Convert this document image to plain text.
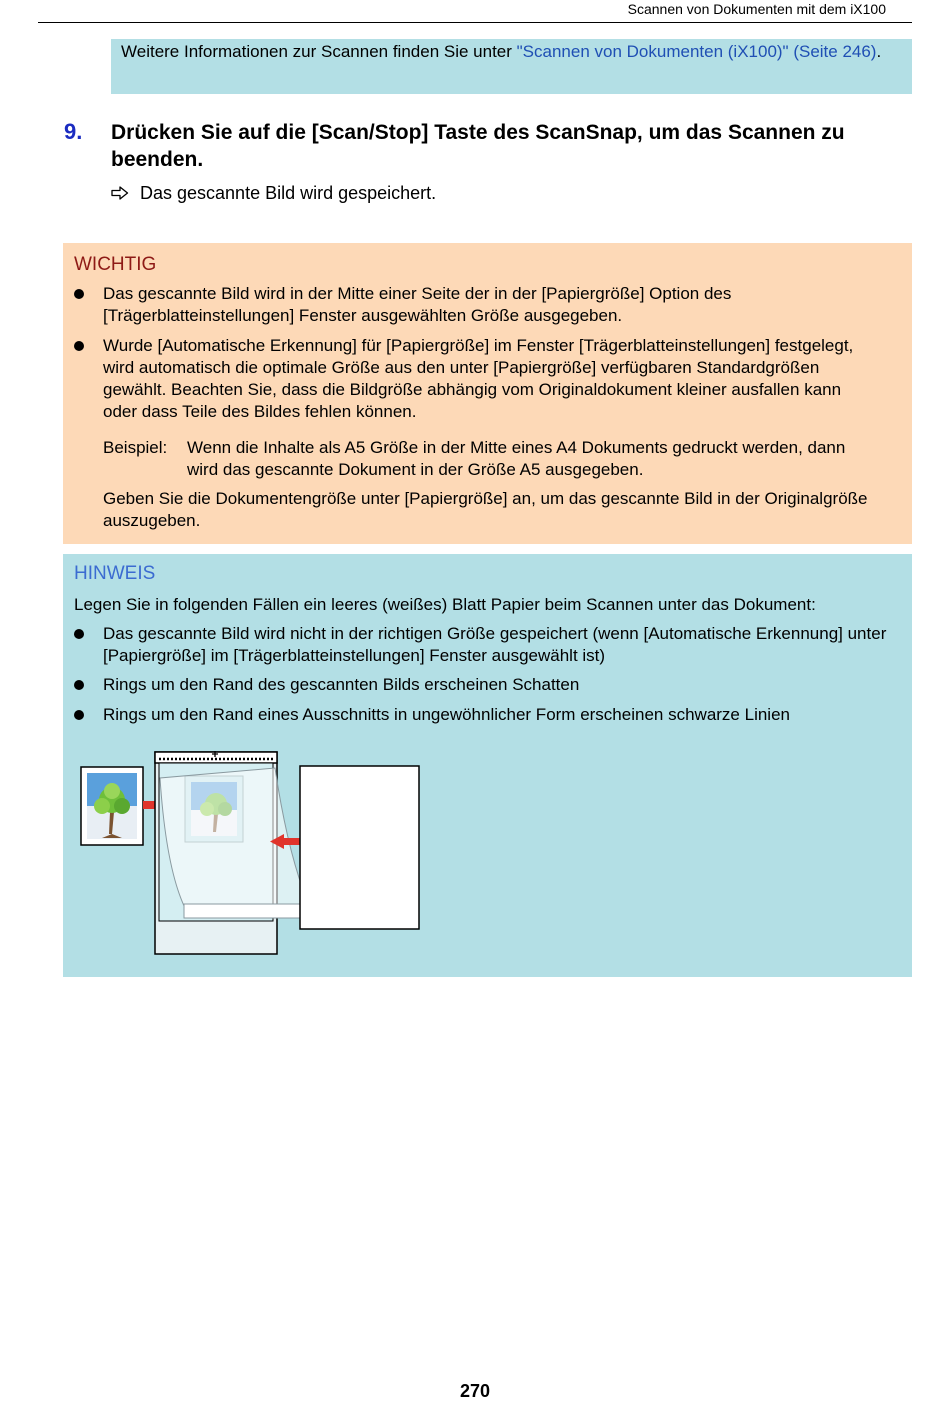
Scannen von Dokumenten mit dem iX100
Weitere Informationen zur Scannen finden Sie unter "Scannen von Dokumenten (iX100)" (Seite 246).
9. Drücken Sie auf die [Scan/Stop] Taste des ScanSnap, um das Scannen zu beenden.
Das gescannte Bild wird gespeichert.
WICHTIG
Das gescannte Bild wird in der Mitte einer Seite der in der [Papiergröße] Option des [Trägerblatteinstellungen] Fenster ausgewählten Größe ausgegeben.
Wurde [Automatische Erkennung] für [Papiergröße] im Fenster [Trägerblatteinstellungen] festgelegt, wird automatisch die optimale Größe aus den unter [Papiergröße] verfügbaren Standardgrößen gewählt. Beachten Sie, dass die Bildgröße abhängig vom Originaldokument kleiner ausfallen kann oder dass Teile des Bildes fehlen können.
Beispiel: Wenn die Inhalte als A5 Größe in der Mitte eines A4 Dokuments gedruckt werden, dann wird das gescannte Dokument in der Größe A5 ausgegeben.
Geben Sie die Dokumentengröße unter [Papiergröße] an, um das gescannte Bild in der Originalgröße auszugeben.
HINWEIS
Legen Sie in folgenden Fällen ein leeres (weißes) Blatt Papier beim Scannen unter das Dokument:
Das gescannte Bild wird nicht in der richtigen Größe gespeichert (wenn [Automatische Erkennung] unter [Papiergröße] im [Trägerblatteinstellungen] Fenster ausgewählt ist)
Rings um den Rand des gescannten Bilds erscheinen Schatten
Rings um den Rand eines Ausschnitts in ungewöhnlicher Form erscheinen schwarze Linien
270
